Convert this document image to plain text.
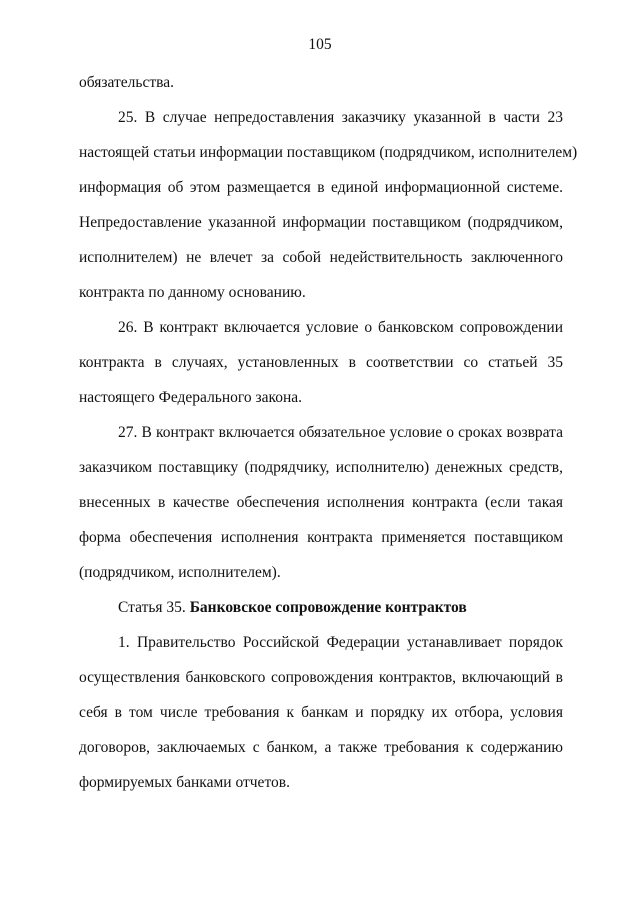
105
обязательства.
25. В случае непредоставления заказчику указанной в части 23
настоящей статьи информации поставщиком (подрядчиком, исполнителем)
информация об этом размещается в единой информационной системе.
Непредоставление указанной информации поставщиком (подрядчиком,
исполнителем) не влечет за собой недействительность заключенного
контракта по данному основанию.
26. В контракт включается условие о банковском сопровождении
контракта в случаях, установленных в соответствии со статьей 35
настоящего Федерального закона.
27. В контракт включается обязательное условие о сроках возврата
заказчиком поставщику (подрядчику, исполнителю) денежных средств,
внесенных в качестве обеспечения исполнения контракта (если такая
форма обеспечения исполнения контракта применяется поставщиком
(подрядчиком, исполнителем).
Статья 35. Банковское сопровождение контрактов
1. Правительство Российской Федерации устанавливает порядок
осуществления банковского сопровождения контрактов, включающий в
себя в том числе требования к банкам и порядку их отбора, условия
договоров, заключаемых с банком, а также требования к содержанию
формируемых банками отчетов.
